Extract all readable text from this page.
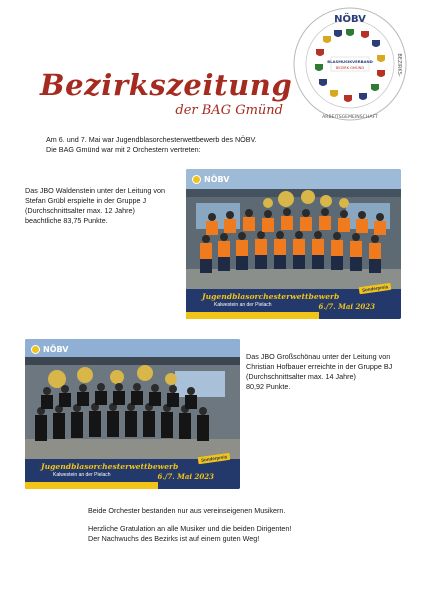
Bezirkszeitung
der BAG Gmünd
NÖBV
BEZIRKS-
ARBEITSGEMEINSCHAFT
BLASMUSIKVERBAND
BEZIRK GMÜND
Am 6. und 7. Mai war Jugendblasorchesterwettbewerb des NÖBV.
Die BAG Gmünd war mit 2 Orchestern vertreten:
Das JBO Waldenstein unter der Leitung von
Stefan Grübl erspielte in der Gruppe J
(Durchschnittsalter max. 12 Jahre)
beachtliche 83,75 Punkte.
NÖBV
Jugendblasorchesterwettbewerb
Kalwestein an der Pielach	6./7. Mai 2023
Sonderpreis
NÖBV
Jugendblasorchesterwettbewerb
Kalwestein an der Pielach	6./7. Mai 2023
Sonderpreis
Das JBO Großschönau unter der Leitung von
Christian Hofbauer erreichte in der Gruppe BJ
(Durchschnittsalter max. 14 Jahre)
80,92 Punkte.
Beide Orchester bestanden nur aus vereinseigenen Musikern.
Herzliche Gratulation an alle Musiker und die beiden Dirigenten!
Der Nachwuchs des Bezirks ist auf einem guten Weg!
